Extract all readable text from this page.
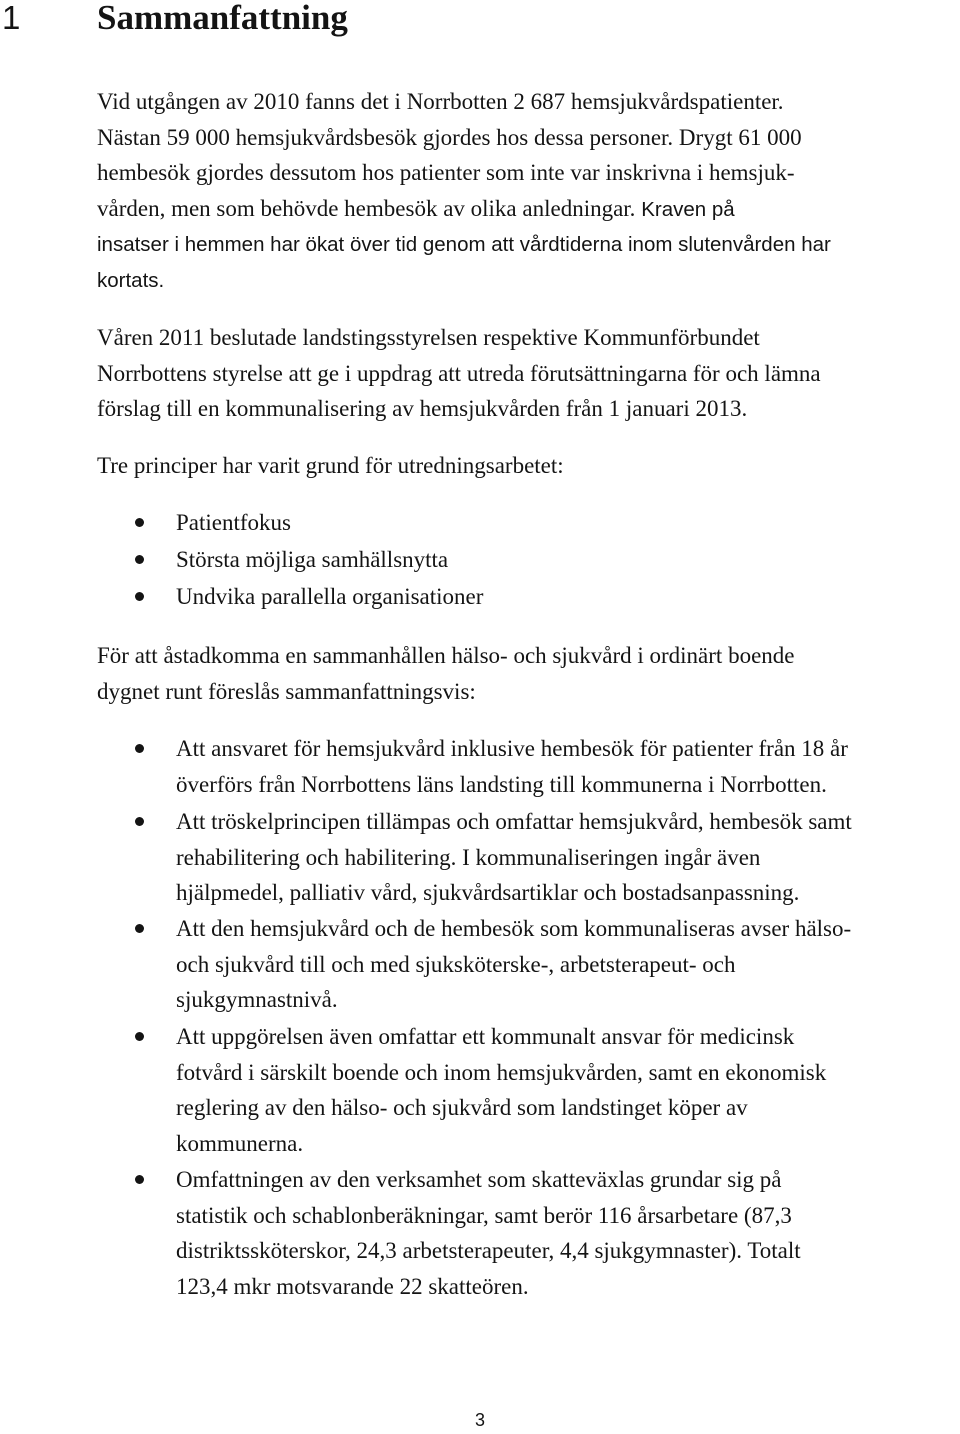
1 Sammanfattning
Vid utgången av 2010 fanns det i Norrbotten 2 687 hemsjukvårdspatienter.
Nästan 59 000 hemsjukvårdsbesök gjordes hos dessa personer. Drygt 61 000
hembesök gjordes dessutom hos patienter som inte var inskrivna i hemsjuk-
vården, men som behövde hembesök av olika anledningar. Kraven på
insatser i hemmen har ökat över tid genom att vårdtiderna inom slutenvården har
kortats.
Våren 2011 beslutade landstingsstyrelsen respektive Kommunförbundet
Norrbottens styrelse att ge i uppdrag att utreda förutsättningarna för och lämna
förslag till en kommunalisering av hemsjukvården från 1 januari 2013.
Tre principer har varit grund för utredningsarbetet:
Patientfokus
Största möjliga samhällsnytta
Undvika parallella organisationer
För att åstadkomma en sammanhållen hälso- och sjukvård i ordinärt boende
dygnet runt föreslås sammanfattningsvis:
Att ansvaret för hemsjukvård inklusive hembesök för patienter från 18 år
överförs från Norrbottens läns landsting till kommunerna i Norrbotten.
Att tröskelprincipen tillämpas och omfattar hemsjukvård, hembesök samt
rehabilitering och habilitering. I kommunaliseringen ingår även
hjälpmedel, palliativ vård, sjukvårdsartiklar och bostadsanpassning.
Att den hemsjukvård och de hembesök som kommunaliseras avser hälso-
och sjukvård till och med sjuksköterske-, arbetsterapeut- och
sjukgymnastnivå.
Att uppgörelsen även omfattar ett kommunalt ansvar för medicinsk
fotvård i särskilt boende och inom hemsjukvården, samt en ekonomisk
reglering av den hälso- och sjukvård som landstinget köper av
kommunerna.
Omfattningen av den verksamhet som skatteväxlas grundar sig på
statistik och schablonberäkningar, samt berör 116 årsarbetare (87,3
distriktssköterskor, 24,3 arbetsterapeuter, 4,4 sjukgymnaster). Totalt
123,4 mkr motsvarande 22 skatteören.
3
